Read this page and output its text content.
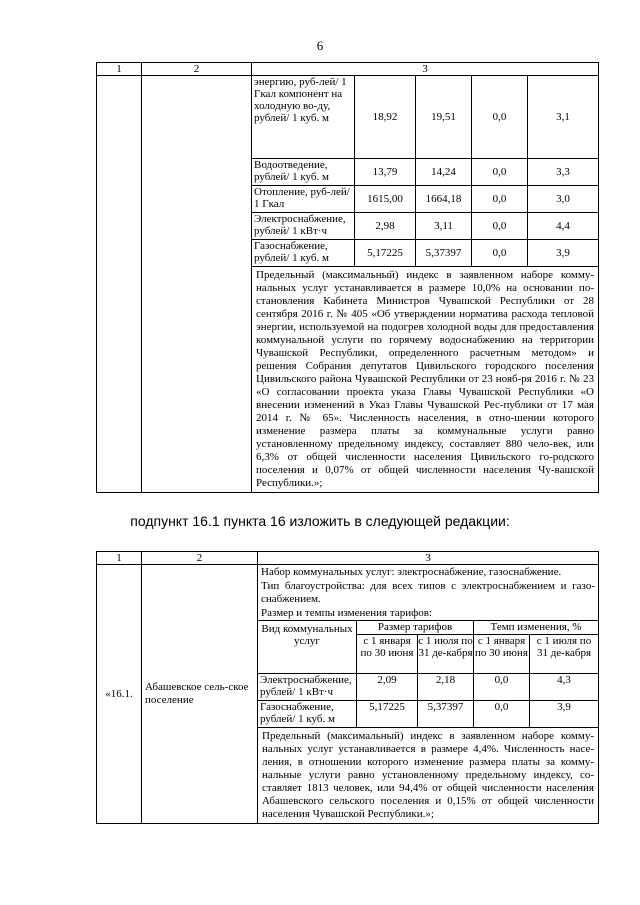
6
1	2	3

энергию, руб-лей/ 1 Гкал компонент на холодную во-ду, рублей/ 1 куб. м	18,92	19,51	0,0	3,1
Водоотведение, рублей/ 1 куб. м	13,79	14,24	0,0	3,3
Отопление, руб-лей/ 1 Гкал	1615,00	1664,18	0,0	3,0
Электроснабжение, рублей/ 1 кВт·ч	2,98	3,11	0,0	4,4
Газоснабжение, рублей/ 1 куб. м	5,17225	5,37397	0,0	3,9
Предельный (максимальный) индекс в заявленном наборе комму-нальных услуг устанавливается в размере 10,0% на основании по-становления Кабинета Министров Чувашской Республики от 28 сентября 2016 г. № 405 «Об утверждении норматива расхода тепловой энергии, используемой на подогрев холодной воды для предоставления коммунальной услуги по горячему водоснабжению на территории Чувашской Республики, определенного расчетным методом» и решения Собрания депутатов Цивильского городского поселения Цивильского района Чувашской Республики от 23 нояб-ря 2016 г. № 23 «О согласовании проекта указа Главы Чувашской Республики «О внесении изменений в Указ Главы Чувашской Рес-публики от 17 мая 2014 г. № 65». Численность населения, в отно-шении которого изменение размера платы за коммунальные услуги равно установленному предельному индексу, составляет 880 чело-век, или 6,3% от общей численности населения Цивильского го-родского поселения и 0,07% от общей численности населения Чу-вашской Республики.»;
подпункт 16.1 пункта 16 изложить в следующей редакции:
1	2	3
«16.1.	Абашевское сель-ское поселение	
Набор коммунальных услуг: электроснабжение, газоснабжение.
Тип благоустройства: для всех типов с электроснабжением и газо-снабжением.
Размер и темпы изменения тарифов:
Вид коммунальных услуг	Размер тарифов	Темп изменения, %
с 1 января по 30 июня	с 1 июля по 31 де-кабря	с 1 января по 30 июня	с 1 июля по 31 де-кабря
Электроснабжение, рублей/ 1 кВт·ч	2,09	2,18	0,0	4,3
Газоснабжение, рублей/ 1 куб. м	5,17225	5,37397	0,0	3,9
Предельный (максимальный) индекс в заявленном наборе комму-нальных услуг устанавливается в размере 4,4%. Численность насе-ления, в отношении которого изменение размера платы за комму-нальные услуги равно установленному предельному индексу, со-ставляет 1813 человек, или 94,4% от общей численности населения Абашевского сельского поселения и 0,15% от общей численности населения Чувашской Республики.»;
